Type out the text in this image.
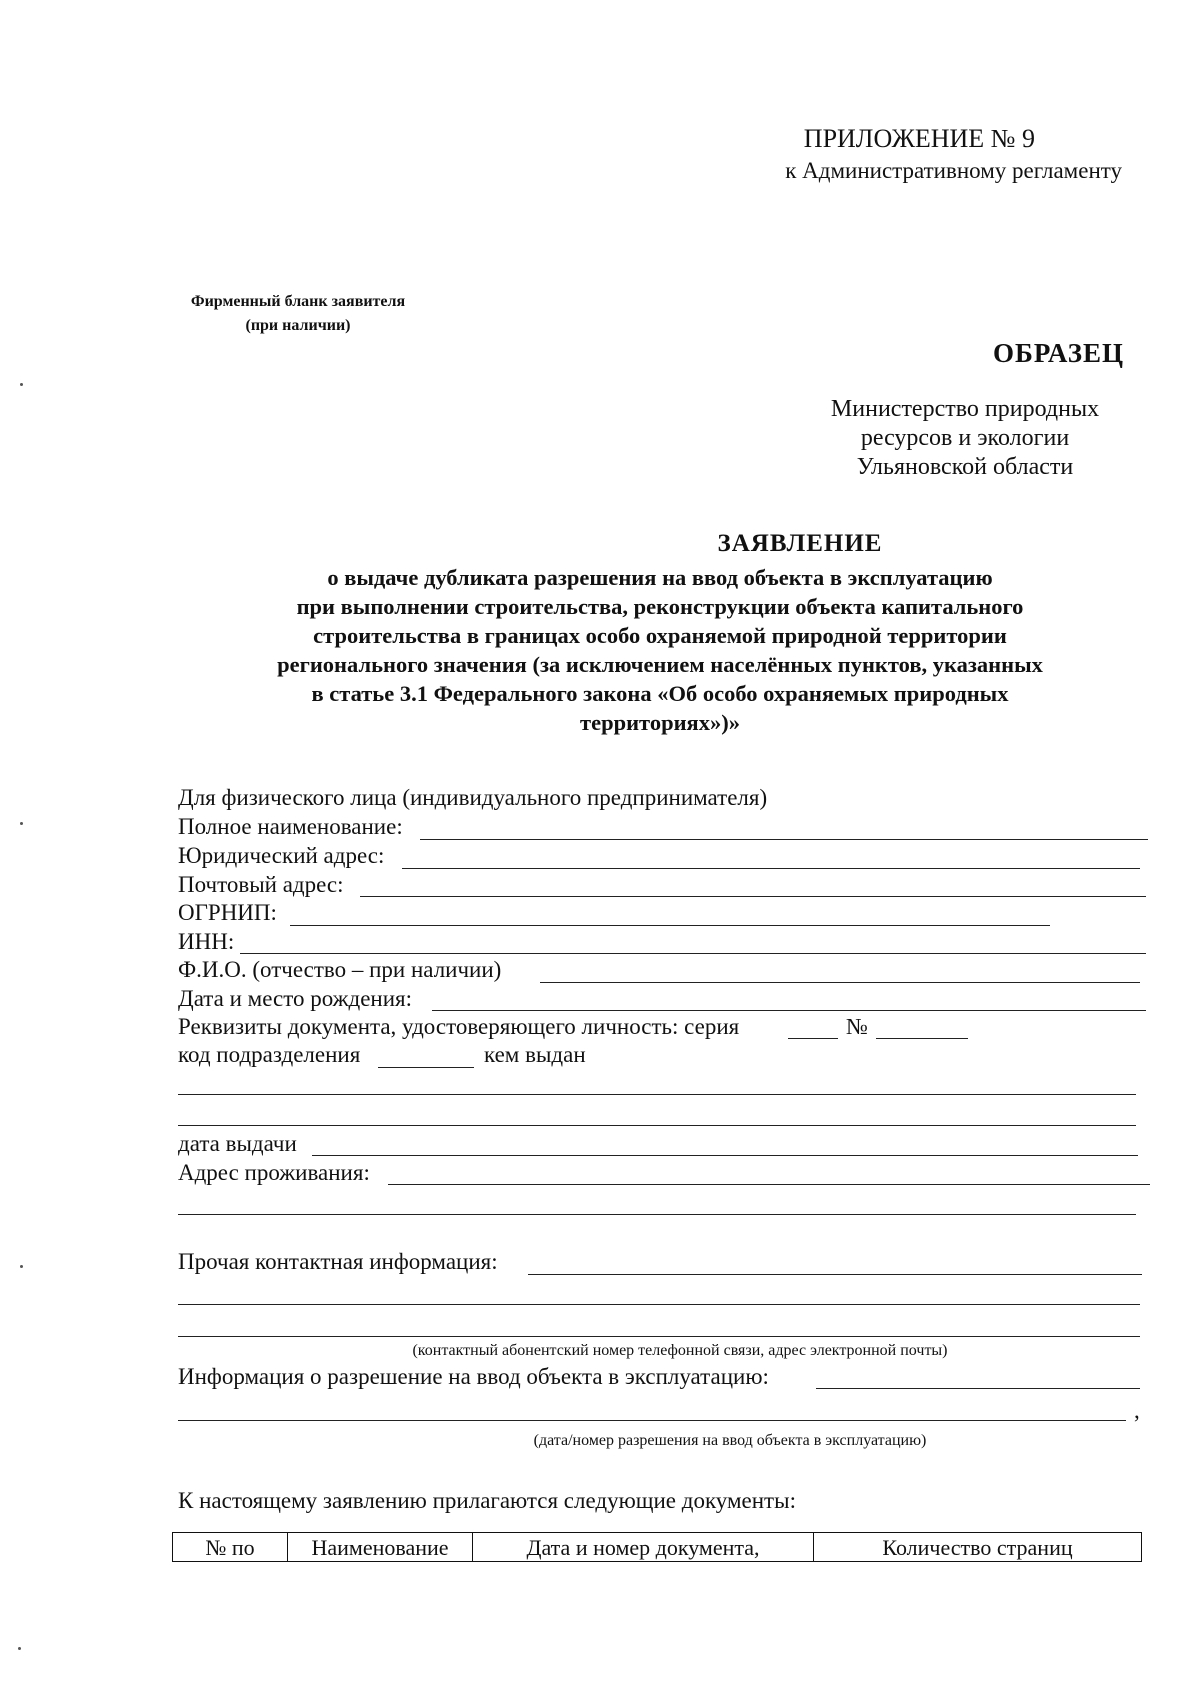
ПРИЛОЖЕНИЕ № 9
к Административному регламенту
Фирменный бланк заявителя
(при наличии)
ОБРАЗЕЦ
Министерство природных
ресурсов и экологии
Ульяновской области
ЗАЯВЛЕНИЕ
о выдаче дубликата разрешения на ввод объекта в эксплуатацию
при выполнении строительства, реконструкции объекта капитального
строительства в границах особо охраняемой природной территории
регионального значения (за исключением населённых пунктов, указанных
в статье 3.1 Федерального закона «Об особо охраняемых природных
территориях»)»
Для физического лица (индивидуального предпринимателя)
Полное наименование:
Юридический адрес:
Почтовый адрес:
ОГРНИП:
ИНН:
Ф.И.О. (отчество – при наличии)
Дата и место рождения:
Реквизиты документа, удостоверяющего личность: серия	№
код подразделения	кем выдан
дата выдачи
Адрес проживания:
Прочая контактная информация:
(контактный абонентский номер телефонной связи, адрес электронной почты)
Информация о разрешение на ввод объекта в эксплуатацию:
,
(дата/номер разрешения на ввод объекта в эксплуатацию)
К настоящему заявлению прилагаются следующие документы:
№ по	Наименование	Дата и номер документа,	Количество страниц
